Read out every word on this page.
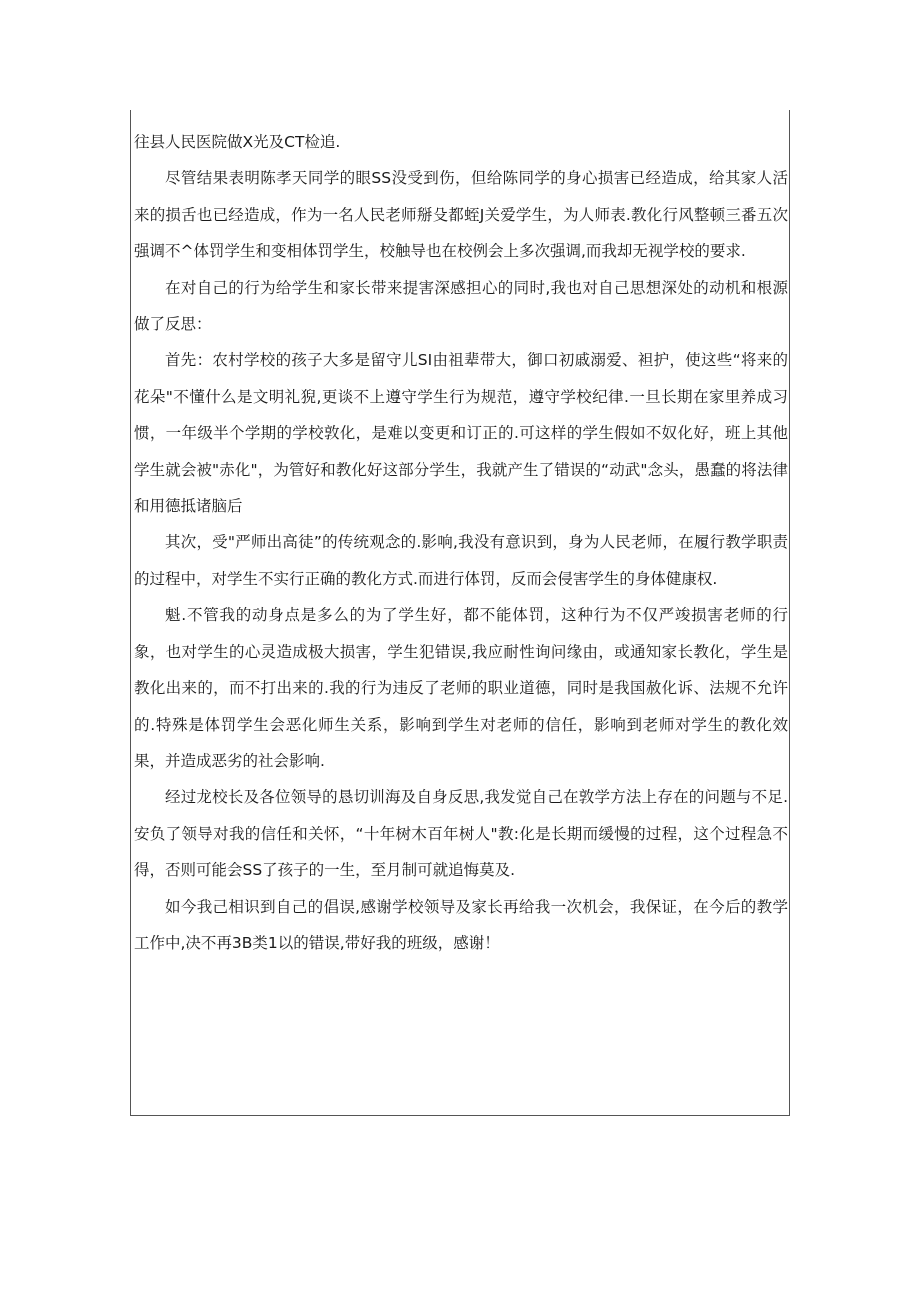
往县人民医院做X光及CT检追.

尽管结果表明陈孝天同学的眼SS没受到伤，但给陈同学的身心损害已经造成，给其家人活来的损舌也已经造成，作为一名人民老师掰殳都蛭J关爱学生，为人师表.教化行风整顿三番五次强调不^体罚学生和变相体罚学生，校触导也在校例会上多次强调,而我却无视学校的要求.

在对自己的行为给学生和家长带来提害深感担心的同时,我也对自己思想深处的动机和根源做了反思：

首先：农村学校的孩子大多是留守儿SI由祖辈带大，御口初戚溺爱、袒护，使这些“将来的花朵"不懂什么是文明礼猊,更谈不上遵守学生行为规范，遵守学校纪律.一旦长期在家里养成习惯，一年级半个学期的学校敦化，是难以变更和订正的.可这样的学生假如不奴化好，班上其他学生就会被"赤化"，为管好和教化好这部分学生，我就产生了错误的“动武"念头，愚蠢的将法律和用德抵诸脑后

其次，受"严师出高徒”的传统观念的.影响,我没有意识到，身为人民老师，在履行教学职责的过程中，对学生不实行正确的教化方式.而进行体罚，反而会侵害学生的身体健康权.

魁.不管我的动身点是多么的为了学生好，都不能体罚，这种行为不仅严竣损害老师的行象，也对学生的心灵造成极大损害，学生犯错误,我应耐性询问缘由，或通知家长教化，学生是教化出来的，而不打出来的.我的行为违反了老师的职业道德，同时是我国赦化诉、法规不允许的.特殊是体罚学生会恶化师生关系，影响到学生对老师的信任，影响到老师对学生的教化效果，并造成恶劣的社会影响.

经过龙校长及各位领导的恳切训海及自身反思,我发觉自己在敦学方法上存在的问题与不足.安负了领导对我的信任和关怀，“十年树木百年树人"教:化是长期而缓慢的过程，这个过程急不得，否则可能会SS了孩子的一生，至月制可就追悔莫及.

如今我己相识到自己的倡误,感谢学校领导及家长再给我一次机会，我保证，在今后的教学工作中,决不再3B类1以的错误,带好我的班级，感谢！
